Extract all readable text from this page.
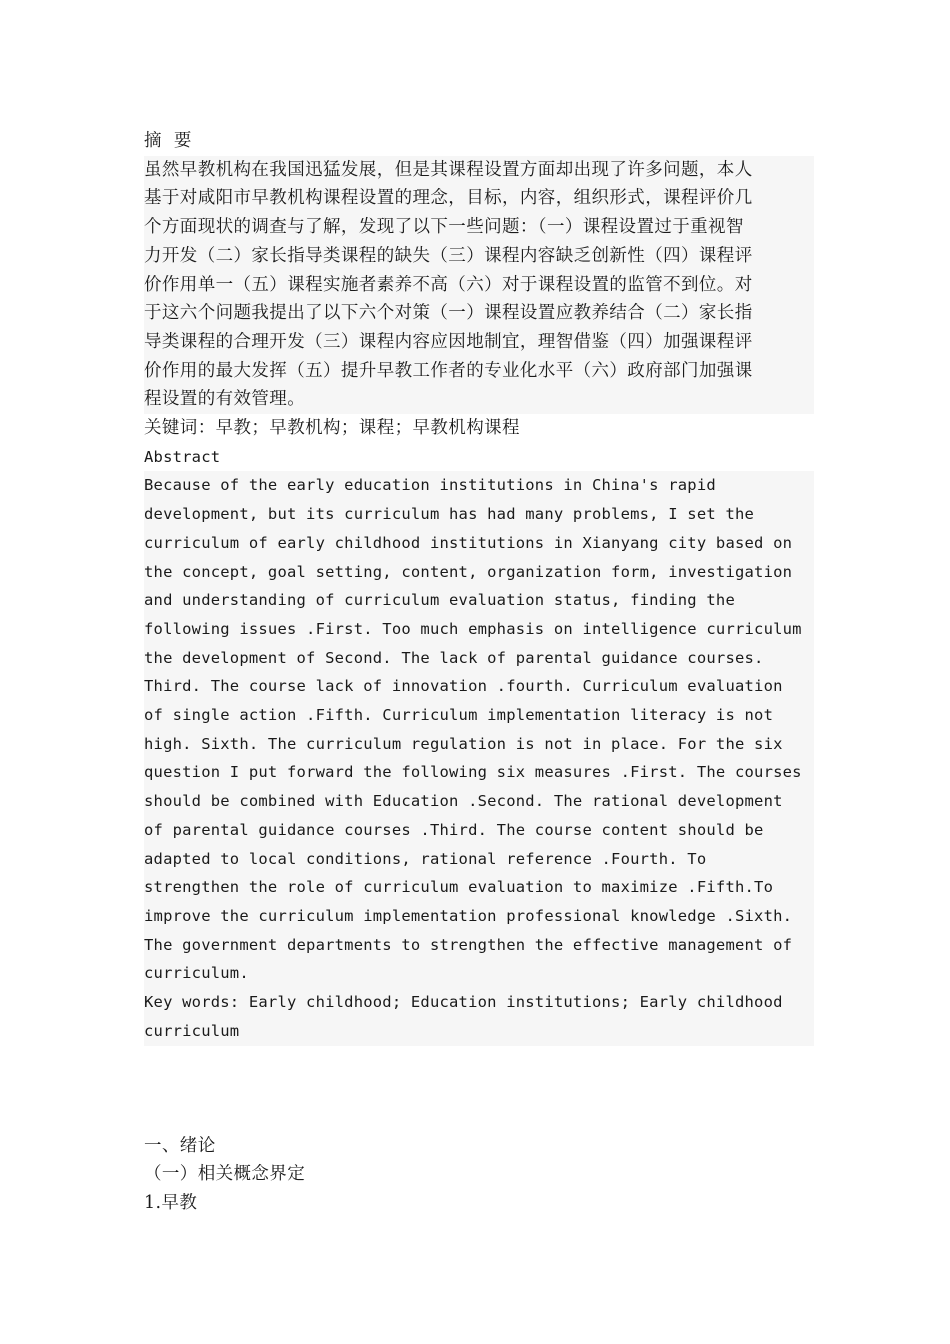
摘  要
虽然早教机构在我国迅猛发展，但是其课程设置方面却出现了许多问题，本人
基于对咸阳市早教机构课程设置的理念，目标，内容，组织形式，课程评价几
个方面现状的调查与了解，发现了以下一些问题：（一）课程设置过于重视智
力开发（二）家长指导类课程的缺失（三）课程内容缺乏创新性（四）课程评
价作用单一（五）课程实施者素养不高（六）对于课程设置的监管不到位。对
于这六个问题我提出了以下六个对策（一）课程设置应教养结合（二）家长指
导类课程的合理开发（三）课程内容应因地制宜，理智借鉴（四）加强课程评
价作用的最大发挥（五）提升早教工作者的专业化水平（六）政府部门加强课
程设置的有效管理。
关键词：早教；早教机构；课程；早教机构课程
Abstract
Because of the early education institutions in China's rapid
development, but its curriculum has had many problems, I set the
curriculum of early childhood institutions in Xianyang city based on
the concept, goal setting, content, organization form, investigation
and understanding of curriculum evaluation status, finding the
following issues .First. Too much emphasis on intelligence curriculum
the development of Second. The lack of parental guidance courses.
Third. The course lack of innovation .fourth. Curriculum evaluation
of single action .Fifth. Curriculum implementation literacy is not
high. Sixth. The curriculum regulation is not in place. For the six
question I put forward the following six measures .First. The courses
should be combined with Education .Second. The rational development
of parental guidance courses .Third. The course content should be
adapted to local conditions, rational reference .Fourth. To
strengthen the role of curriculum evaluation to maximize .Fifth.To
improve the curriculum implementation professional knowledge .Sixth.
The government departments to strengthen the effective management of
curriculum.
Key words: Early childhood; Education institutions; Early childhood
curriculum
一、绪论
（一）相关概念界定
1.早教
